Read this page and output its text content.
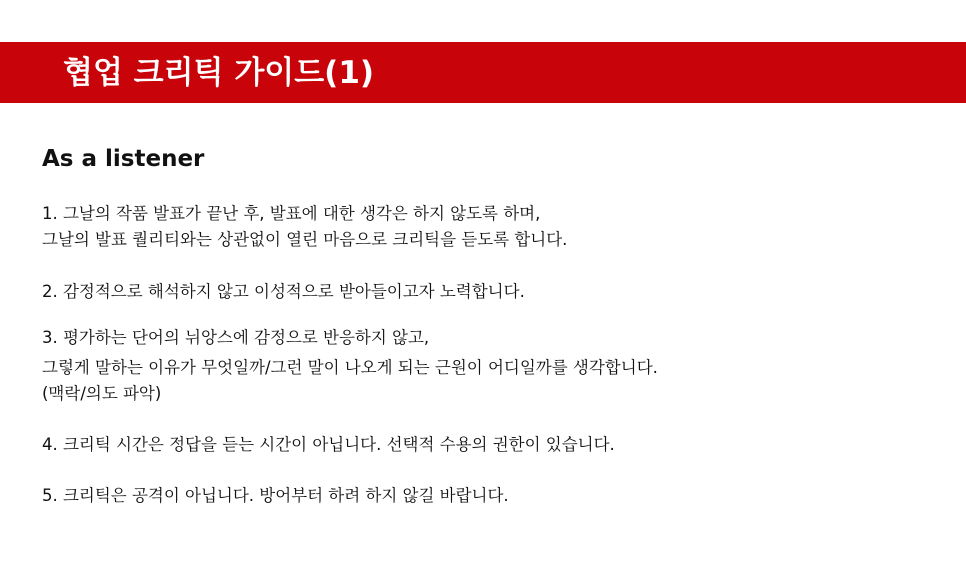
협업 크리틱 가이드(1)
As a listener

1. 그날의 작품 발표가 끝난 후, 발표에 대한 생각은 하지 않도록 하며,

그날의 발표 퀄리티와는 상관없이 열린 마음으로 크리틱을 듣도록 합니다.

2. 감정적으로 해석하지 않고 이성적으로 받아들이고자 노력합니다.

3. 평가하는 단어의 뉘앙스에 감정으로 반응하지 않고,

그렇게 말하는 이유가 무엇일까/그런 말이 나오게 되는 근원이 어디일까를 생각합니다.

(맥락/의도 파악)

4. 크리틱 시간은 정답을 듣는 시간이 아닙니다. 선택적 수용의 권한이 있습니다.

5. 크리틱은 공격이 아닙니다. 방어부터 하려 하지 않길 바랍니다.
